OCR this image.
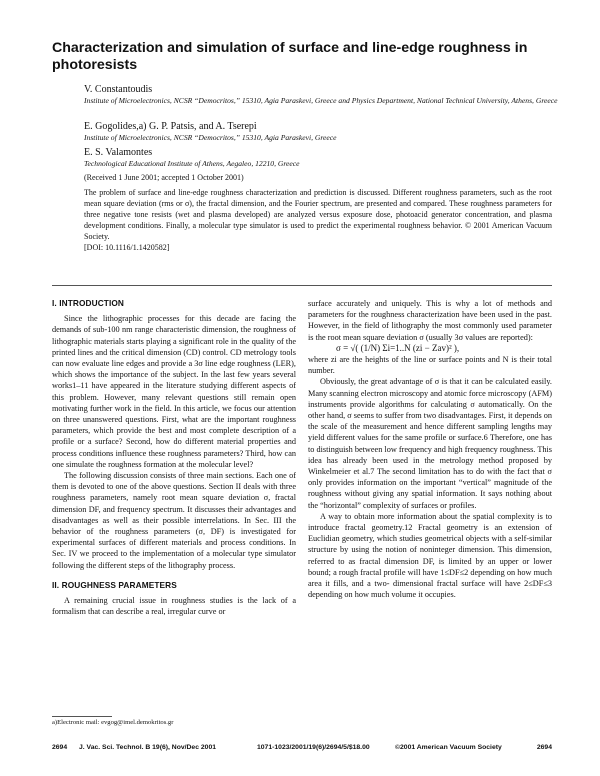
Characterization and simulation of surface and line-edge roughness in photoresists
V. Constantoudis
Institute of Microelectronics, NCSR “Democritos,” 15310, Agia Paraskevi, Greece and Physics Department, National Technical University, Athens, Greece
E. Gogolides,a) G. P. Patsis, and A. Tserepi
Institute of Microelectronics, NCSR “Democritos,” 15310, Agia Paraskevi, Greece
E. S. Valamontes
Technological Educational Institute of Athens, Aegaleo, 12210, Greece
(Received 1 June 2001; accepted 1 October 2001)
The problem of surface and line-edge roughness characterization and prediction is discussed. Different roughness parameters, such as the root mean square deviation (rms or σ), the fractal dimension, and the Fourier spectrum, are presented and compared. These roughness parameters for three negative tone resists (wet and plasma developed) are analyzed versus exposure dose, photoacid generator concentration, and plasma development conditions. Finally, a molecular type simulator is used to predict the experimental roughness behavior. © 2001 American Vacuum Society.
[DOI: 10.1116/1.1420582]
I. INTRODUCTION

Since the lithographic processes for this decade are facing the demands of sub-100 nm range characteristic dimension, the roughness of lithographic materials starts playing a significant role in the quality of the printed lines and the critical dimension (CD) control. CD metrology tools can now evaluate line edges and provide a 3σ line edge roughness (LER), which shows the importance of the subject. In the last few years several works1–11 have appeared in the literature studying different aspects of this problem. However, many relevant questions still remain open motivating further work in the field. In this article, we focus our attention on three unanswered questions. First, what are the important roughness parameters, which provide the best and most complete description of a profile or a surface? Second, how do different material properties and process conditions influence these roughness parameters? Third, how can one simulate the roughness formation at the molecular level?

The following discussion consists of three main sections. Each one of them is devoted to one of the above questions. Section II deals with three roughness parameters, namely root mean square deviation σ, fractal dimension DF, and frequency spectrum. It discusses their advantages and disadvantages as well as their possible interrelations. In Sec. III the behavior of the roughness parameters (σ, DF) is investigated for experimental surfaces of different materials and process conditions. In Sec. IV we proceed to the implementation of a molecular type simulator following the different steps of the lithography process.

II. ROUGHNESS PARAMETERS

A remaining crucial issue in roughness studies is the lack of a formalism that can describe a real, irregular curve or

surface accurately and uniquely. This is why a lot of methods and parameters for the roughness characterization have been used in the past. However, in the field of lithography the most commonly used parameter is the root mean square deviation σ (usually 3σ values are reported):

σ = √( (1/N) Σi=1..N (zi − Zav)² ),

where zi are the heights of the line or surface points and N is their total number.

Obviously, the great advantage of σ is that it can be calculated easily. Many scanning electron microscopy and atomic force microscopy (AFM) instruments provide algorithms for calculating σ automatically. On the other hand, σ seems to suffer from two disadvantages. First, it depends on the scale of the measurement and hence different sampling lengths may yield different values for the same profile or surface.6 Therefore, one has to distinguish between low frequency and high frequency roughness. This idea has already been used in the metrology method proposed by Winkelmeier et al.7 The second limitation has to do with the fact that σ only provides information on the important “vertical” magnitude of the roughness without giving any spatial information. It says nothing about the “horizontal” complexity of surfaces or profiles.

A way to obtain more information about the spatial complexity is to introduce fractal geometry.12 Fractal geometry is an extension of Euclidian geometry, which studies geometrical objects with a self-similar structure by using the notion of noninteger dimension. This dimension, referred to as fractal dimension DF, is limited by an upper or lower bound; a rough fractal profile will have 1≤DF≤2 depending on how much area it fills, and a two- dimensional fractal surface will have 2≤DF≤3 depending on how much volume it occupies.

a)Electronic mail: evgog@imel.demokritos.gr
2694 J. Vac. Sci. Technol. B 19(6), Nov/Dec 2001	1071-1023/2001/19(6)/2694/5/$18.00	©2001 American Vacuum Society	2694
